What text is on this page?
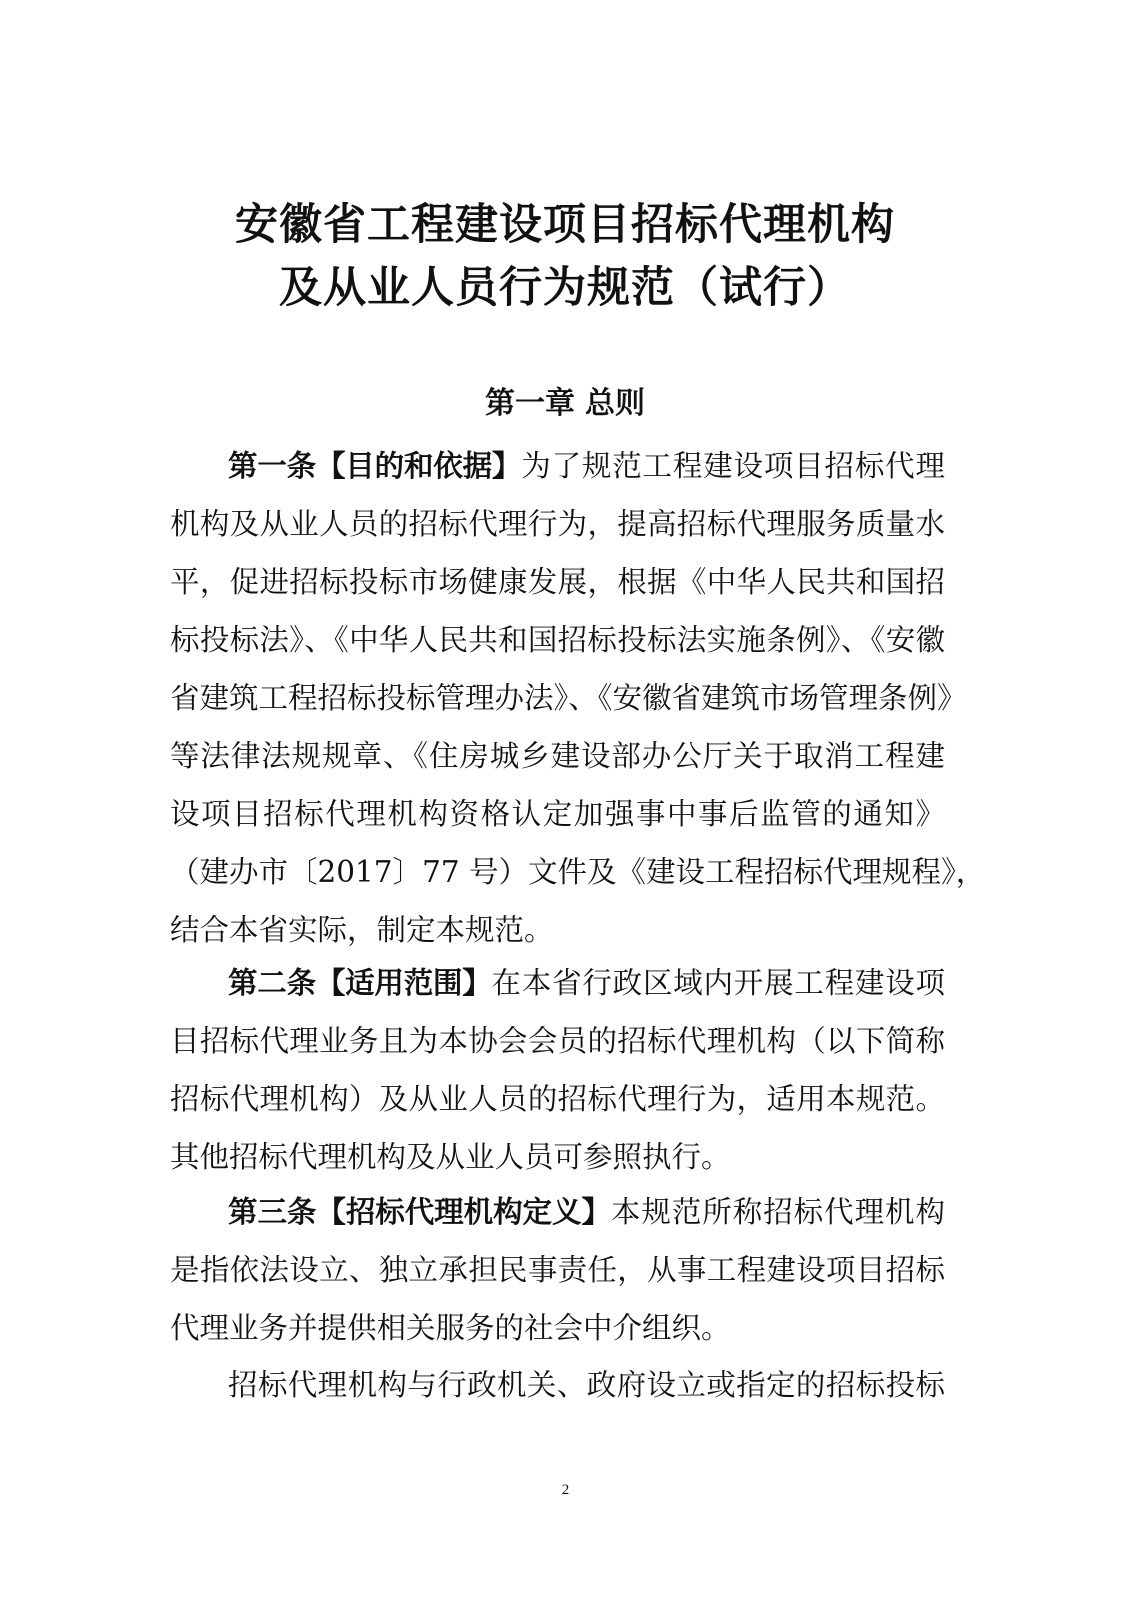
安徽省工程建设项目招标代理机构
及从业人员行为规范（试行）
第一章 总则
第一条【目的和依据】为了规范工程建设项目招标代理
机构及从业人员的招标代理行为，提高招标代理服务质量水
平，促进招标投标市场健康发展，根据《中华人民共和国招
标投标法》、《中华人民共和国招标投标法实施条例》、《安徽
省建筑工程招标投标管理办法》、《安徽省建筑市场管理条例》
等法律法规规章、《住房城乡建设部办公厅关于取消工程建
设项目招标代理机构资格认定加强事中事后监管的通知》
（建办市〔2017〕77 号）文件及《建设工程招标代理规程》，
结合本省实际，制定本规范。
第二条【适用范围】在本省行政区域内开展工程建设项
目招标代理业务且为本协会会员的招标代理机构（以下简称
招标代理机构）及从业人员的招标代理行为，适用本规范。
其他招标代理机构及从业人员可参照执行。
第三条【招标代理机构定义】本规范所称招标代理机构
是指依法设立、独立承担民事责任，从事工程建设项目招标
代理业务并提供相关服务的社会中介组织。
招标代理机构与行政机关、政府设立或指定的招标投标
2
